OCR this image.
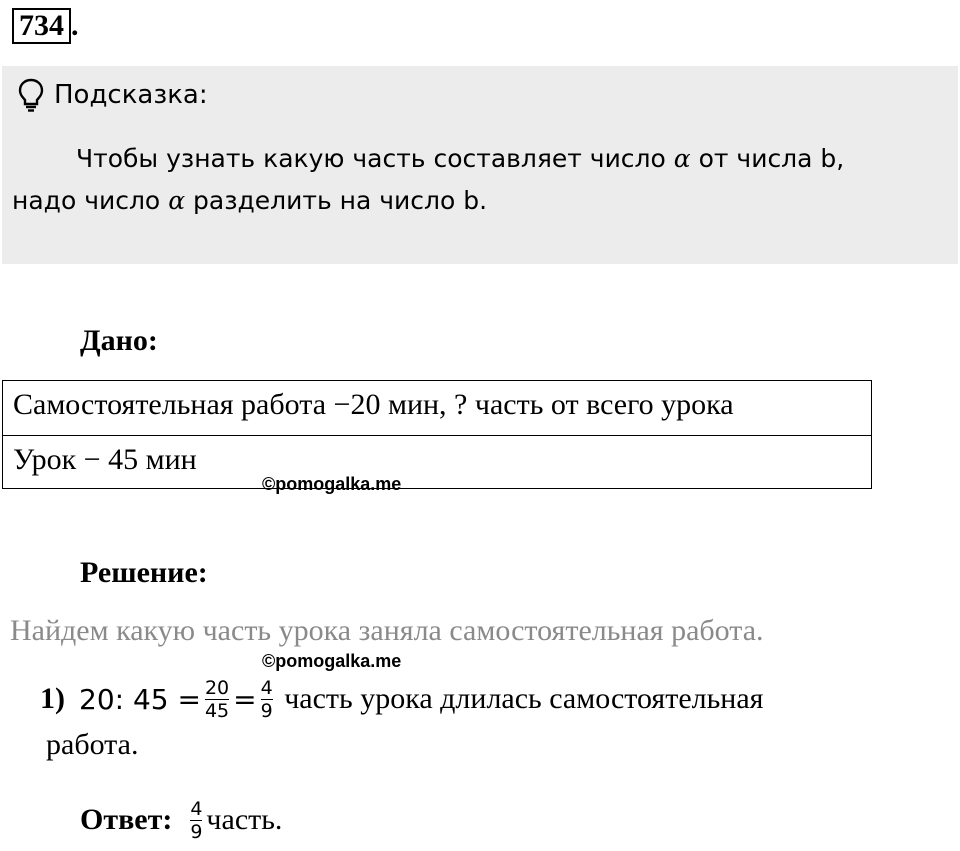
734 .
Подсказка:
Чтобы узнать какую часть составляет число α от числа b,
надо число α разделить на число b.
Дано:
Самостоятельная работа −20 мин, ? часть от всего урока
Урок − 45 мин
©pomogalka.me
Решение:
Найдем какую часть урока заняла самостоятельная работа.
©pomogalka.me
1) 20: $45 = \frac{20}{45} = \frac{4}{9}$ часть урока длилась самостоятельная
работа.
Ответ: $\frac{4}{9}$ часть.
